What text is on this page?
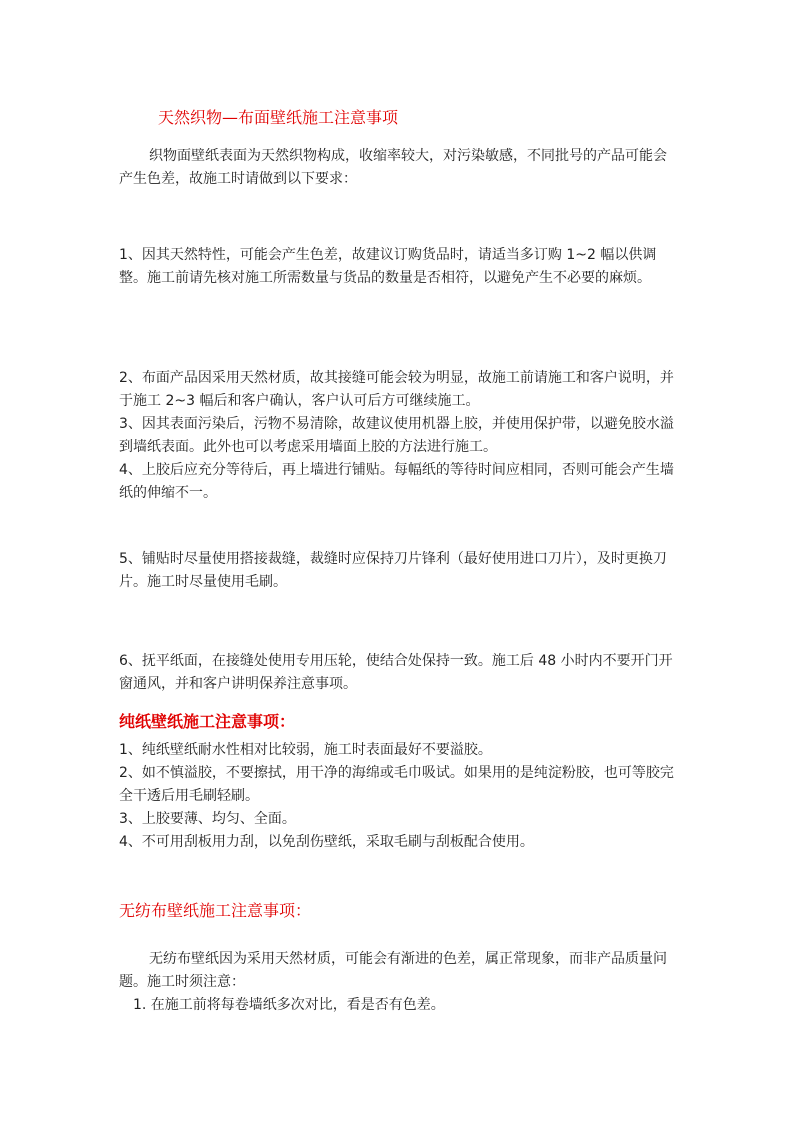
天然织物—布面壁纸施工注意事项

织物面壁纸表面为天然织物构成，收缩率较大，对污染敏感，不同批号的产品可能会产生色差，故施工时请做到以下要求：

1、因其天然特性，可能会产生色差，故建议订购货品时，请适当多订购 1~2 幅以供调整。施工前请先核对施工所需数量与货品的数量是否相符，以避免产生不必要的麻烦。

2、布面产品因采用天然材质，故其接缝可能会较为明显，故施工前请施工和客户说明，并于施工 2~3 幅后和客户确认，客户认可后方可继续施工。

3、因其表面污染后，污物不易清除，故建议使用机器上胶，并使用保护带，以避免胶水溢到墙纸表面。此外也可以考虑采用墙面上胶的方法进行施工。

4、上胶后应充分等待后，再上墙进行铺贴。每幅纸的等待时间应相同，否则可能会产生墙纸的伸缩不一。

5、铺贴时尽量使用搭接裁缝，裁缝时应保持刀片锋利（最好使用进口刀片），及时更换刀片。施工时尽量使用毛刷。

6、抚平纸面，在接缝处使用专用压轮，使结合处保持一致。施工后 48 小时内不要开门开窗通风，并和客户讲明保养注意事项。

纯纸壁纸施工注意事项：

1、纯纸壁纸耐水性相对比较弱，施工时表面最好不要溢胶。

2、如不慎溢胶，不要擦拭，用干净的海绵或毛巾吸试。如果用的是纯淀粉胶，也可等胶完全干透后用毛刷轻刷。

3、上胶要薄、均匀、全面。

4、不可用刮板用力刮，以免刮伤壁纸，采取毛刷与刮板配合使用。

无纺布壁纸施工注意事项：

无纺布壁纸因为采用天然材质，可能会有渐进的色差，属正常现象，而非产品质量问题。施工时须注意：

1. 在施工前将每卷墙纸多次对比，看是否有色差。
